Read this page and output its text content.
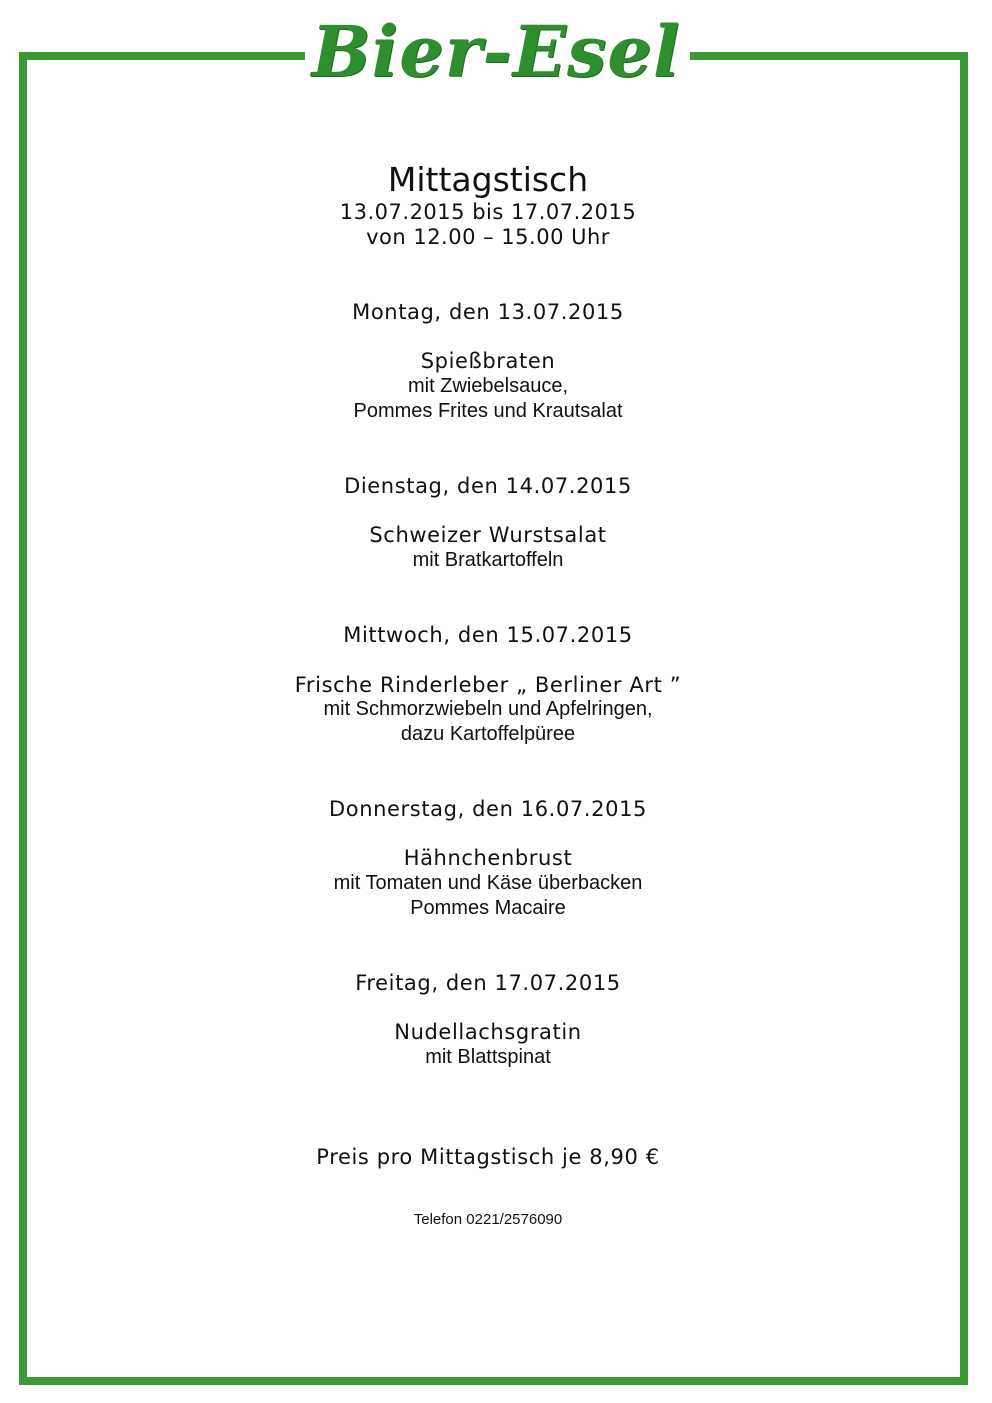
Bier-Esel
Mittagstisch
13.07.2015 bis 17.07.2015
von 12.00 – 15.00 Uhr
Montag, den 13.07.2015
Spießbraten
mit Zwiebelsauce,
Pommes Frites und Krautsalat
Dienstag, den 14.07.2015
Schweizer Wurstsalat
mit Bratkartoffeln
Mittwoch, den 15.07.2015
Frische Rinderleber „ Berliner Art ”
mit Schmorzwiebeln und Apfelringen,
dazu Kartoffelpüree
Donnerstag, den 16.07.2015
Hähnchenbrust
mit Tomaten und Käse überbacken
Pommes Macaire
Freitag, den 17.07.2015
Nudellachsgratin
mit Blattspinat
Preis pro Mittagstisch je 8,90 €
Telefon 0221/2576090
